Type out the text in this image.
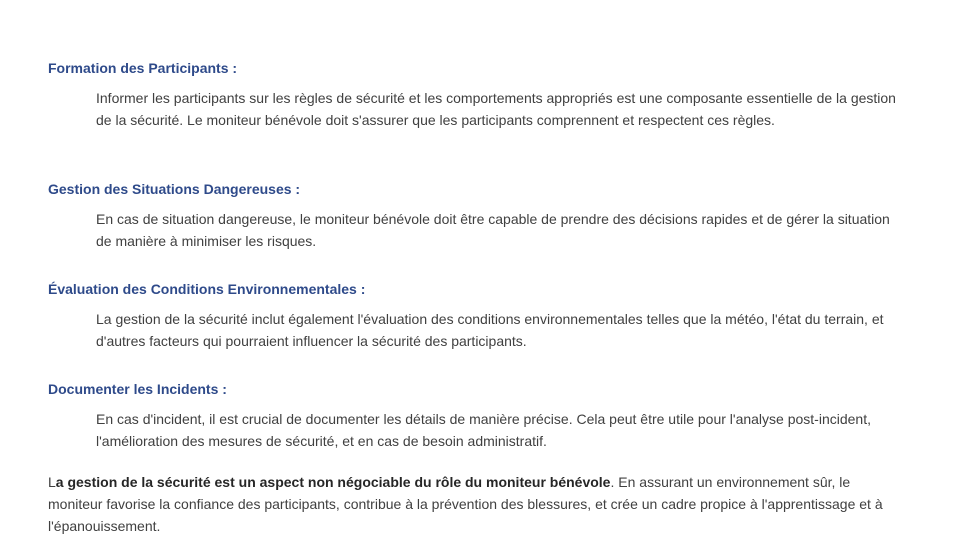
Formation des Participants :

Informer les participants sur les règles de sécurité et les comportements appropriés est une composante essentielle de la gestion de la sécurité. Le moniteur bénévole doit s'assurer que les participants comprennent et respectent ces règles.

Gestion des Situations Dangereuses :

En cas de situation dangereuse, le moniteur bénévole doit être capable de prendre des décisions rapides et de gérer la situation de manière à minimiser les risques.

Évaluation des Conditions Environnementales :

La gestion de la sécurité inclut également l'évaluation des conditions environnementales telles que la météo, l'état du terrain, et d'autres facteurs qui pourraient influencer la sécurité des participants.

Documenter les Incidents :

En cas d'incident, il est crucial de documenter les détails de manière précise. Cela peut être utile pour l'analyse post-incident, l'amélioration des mesures de sécurité, et en cas de besoin administratif.

La gestion de la sécurité est un aspect non négociable du rôle du moniteur bénévole. En assurant un environnement sûr, le moniteur favorise la confiance des participants, contribue à la prévention des blessures, et crée un cadre propice à l'apprentissage et à l'épanouissement.
